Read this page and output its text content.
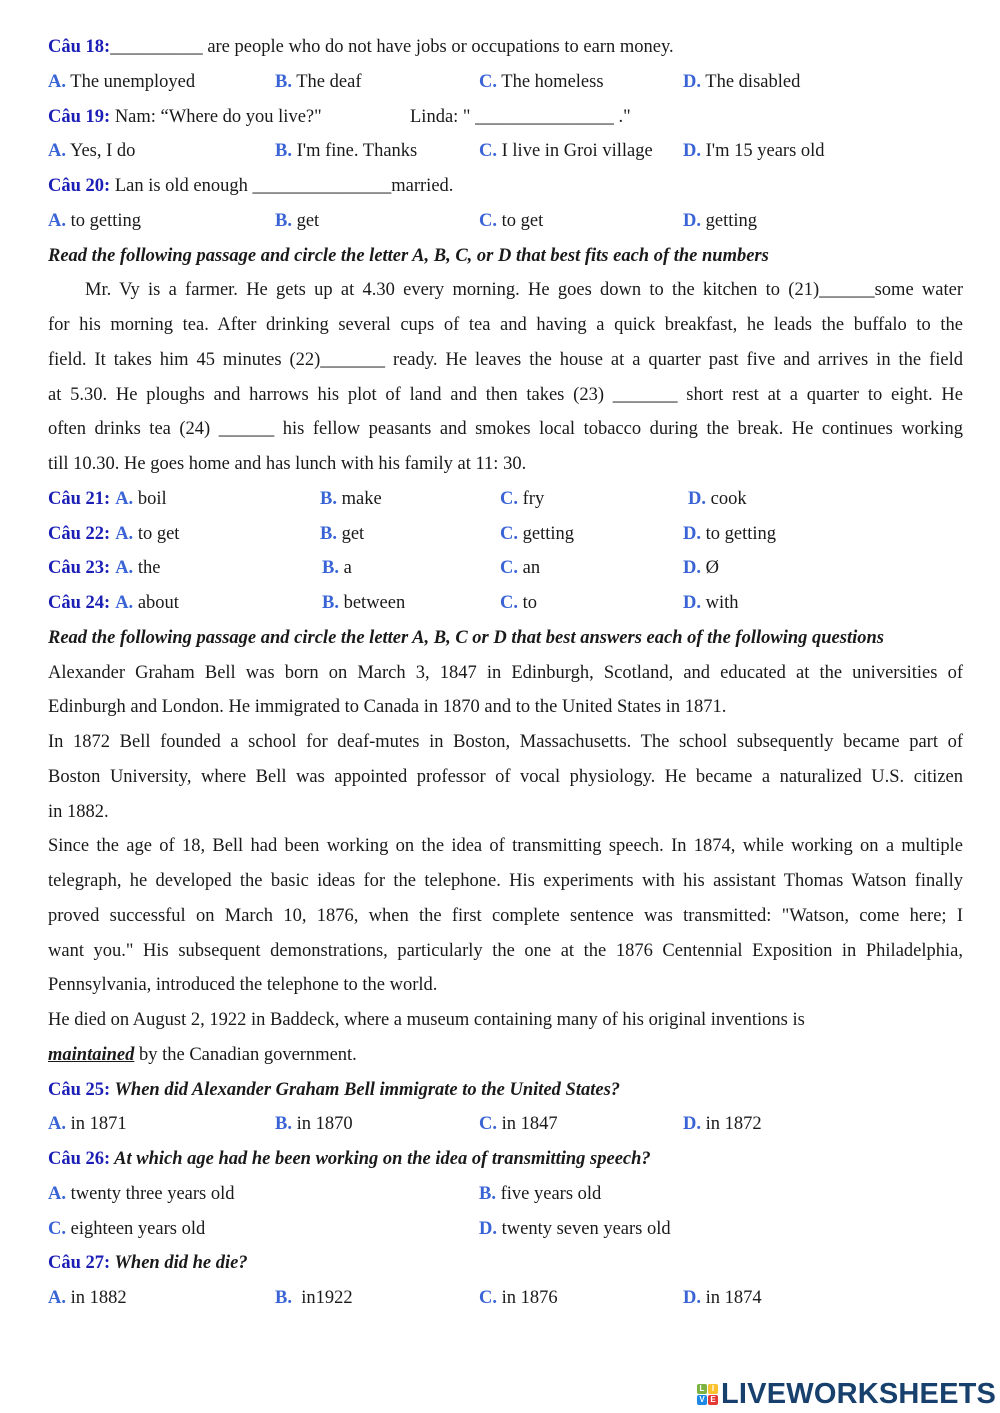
Câu 18:__________ are people who do not have jobs or occupations to earn money.
A. The unemployed	B. The deaf	C. The homeless	D. The disabled
Câu 19: Nam: “Where do you live?"	Linda: " _______________ ."
A. Yes, I do	B. I'm fine. Thanks	C. I live in Groi village D. I'm 15 years old
Câu 20: Lan is old enough _______________married.
A. to getting	B. get	C. to get	D. getting
Read the following passage and circle the letter A, B, C, or D that best fits each of the numbers
Mr. Vy is a farmer. He gets up at 4.30 every morning. He goes down to the kitchen to (21)______some water
for his morning tea. After drinking several cups of tea and having a quick breakfast, he leads the buffalo to the
field. It takes him 45 minutes (22)_______ ready. He leaves the house at a quarter past five and arrives in the field
at 5.30. He ploughs and harrows his plot of land and then takes (23) _______ short rest at a quarter to eight. He
often drinks tea (24) ______ his fellow peasants and smokes local tobacco during the break. He continues working
till 10.30. He goes home and has lunch with his family at 11: 30.
Câu 21: A. boil	B. make	C. fry	D. cook
Câu 22: A. to get	B. get	C. getting	D. to getting
Câu 23: A. the	B. a	C. an	D. Ø
Câu 24: A. about	B. between	C. to	D. with
Read the following passage and circle the letter A, B, C or D that best answers each of the following questions
Alexander Graham Bell was born on March 3, 1847 in Edinburgh, Scotland, and educated at the universities of
Edinburgh and London. He immigrated to Canada in 1870 and to the United States in 1871.
In 1872 Bell founded a school for deaf-mutes in Boston, Massachusetts. The school subsequently became part of
Boston University, where Bell was appointed professor of vocal physiology. He became a naturalized U.S. citizen
in 1882.
Since the age of 18, Bell had been working on the idea of transmitting speech. In 1874, while working on a multiple
telegraph, he developed the basic ideas for the telephone. His experiments with his assistant Thomas Watson finally
proved successful on March 10, 1876, when the first complete sentence was transmitted: "Watson, come here; I
want you." His subsequent demonstrations, particularly the one at the 1876 Centennial Exposition in Philadelphia,
Pennsylvania, introduced the telephone to the world.
He died on August 2, 1922 in Baddeck, where a museum containing many of his original inventions is
maintained by the Canadian government.
Câu 25: When did Alexander Graham Bell immigrate to the United States?
A. in 1871	B. in 1870	C. in 1847	D. in 1872
Câu 26: At which age had he been working on the idea of transmitting speech?
A. twenty three years old	B. five years old
C. eighteen years old	D. twenty seven years old
Câu 27: When did he die?
A. in 1882	B.  in1922	C. in 1876	D. in 1874
L I
V E LIVEWORKSHEETS
